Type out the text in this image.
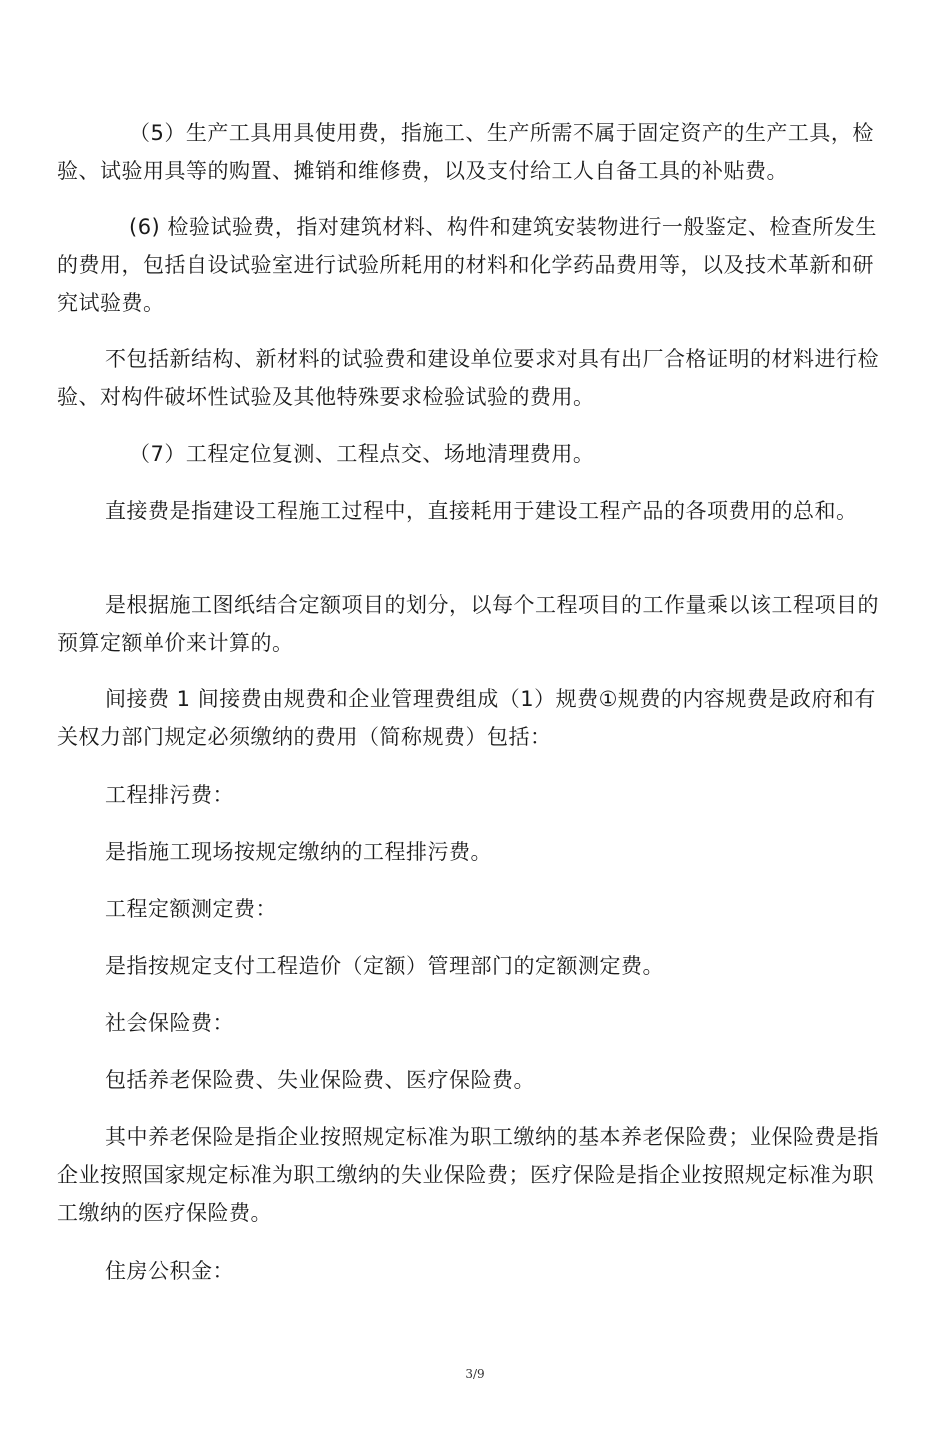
（5）生产工具用具使用费，指施工、生产所需不属于固定资产的生产工具，检验、试验用具等的购置、摊销和维修费，以及支付给工人自备工具的补贴费。

(6) 检验试验费，指对建筑材料、构件和建筑安装物进行一般鉴定、检查所发生的费用，包括自设试验室进行试验所耗用的材料和化学药品费用等，以及技术革新和研究试验费。

不包括新结构、新材料的试验费和建设单位要求对具有出厂合格证明的材料进行检验、对构件破坏性试验及其他特殊要求检验试验的费用。

（7）工程定位复测、工程点交、场地清理费用。

直接费是指建设工程施工过程中，直接耗用于建设工程产品的各项费用的总和。

是根据施工图纸结合定额项目的划分，以每个工程项目的工作量乘以该工程项目的预算定额单价来计算的。

间接费 1 间接费由规费和企业管理费组成（1）规费①规费的内容规费是政府和有关权力部门规定必须缴纳的费用（简称规费）包括：

工程排污费：

是指施工现场按规定缴纳的工程排污费。

工程定额测定费：

是指按规定支付工程造价（定额）管理部门的定额测定费。

社会保险费：

包括养老保险费、失业保险费、医疗保险费。

其中养老保险是指企业按照规定标准为职工缴纳的基本养老保险费；业保险费是指企业按照国家规定标准为职工缴纳的失业保险费；医疗保险是指企业按照规定标准为职工缴纳的医疗保险费。

住房公积金：

3/9
